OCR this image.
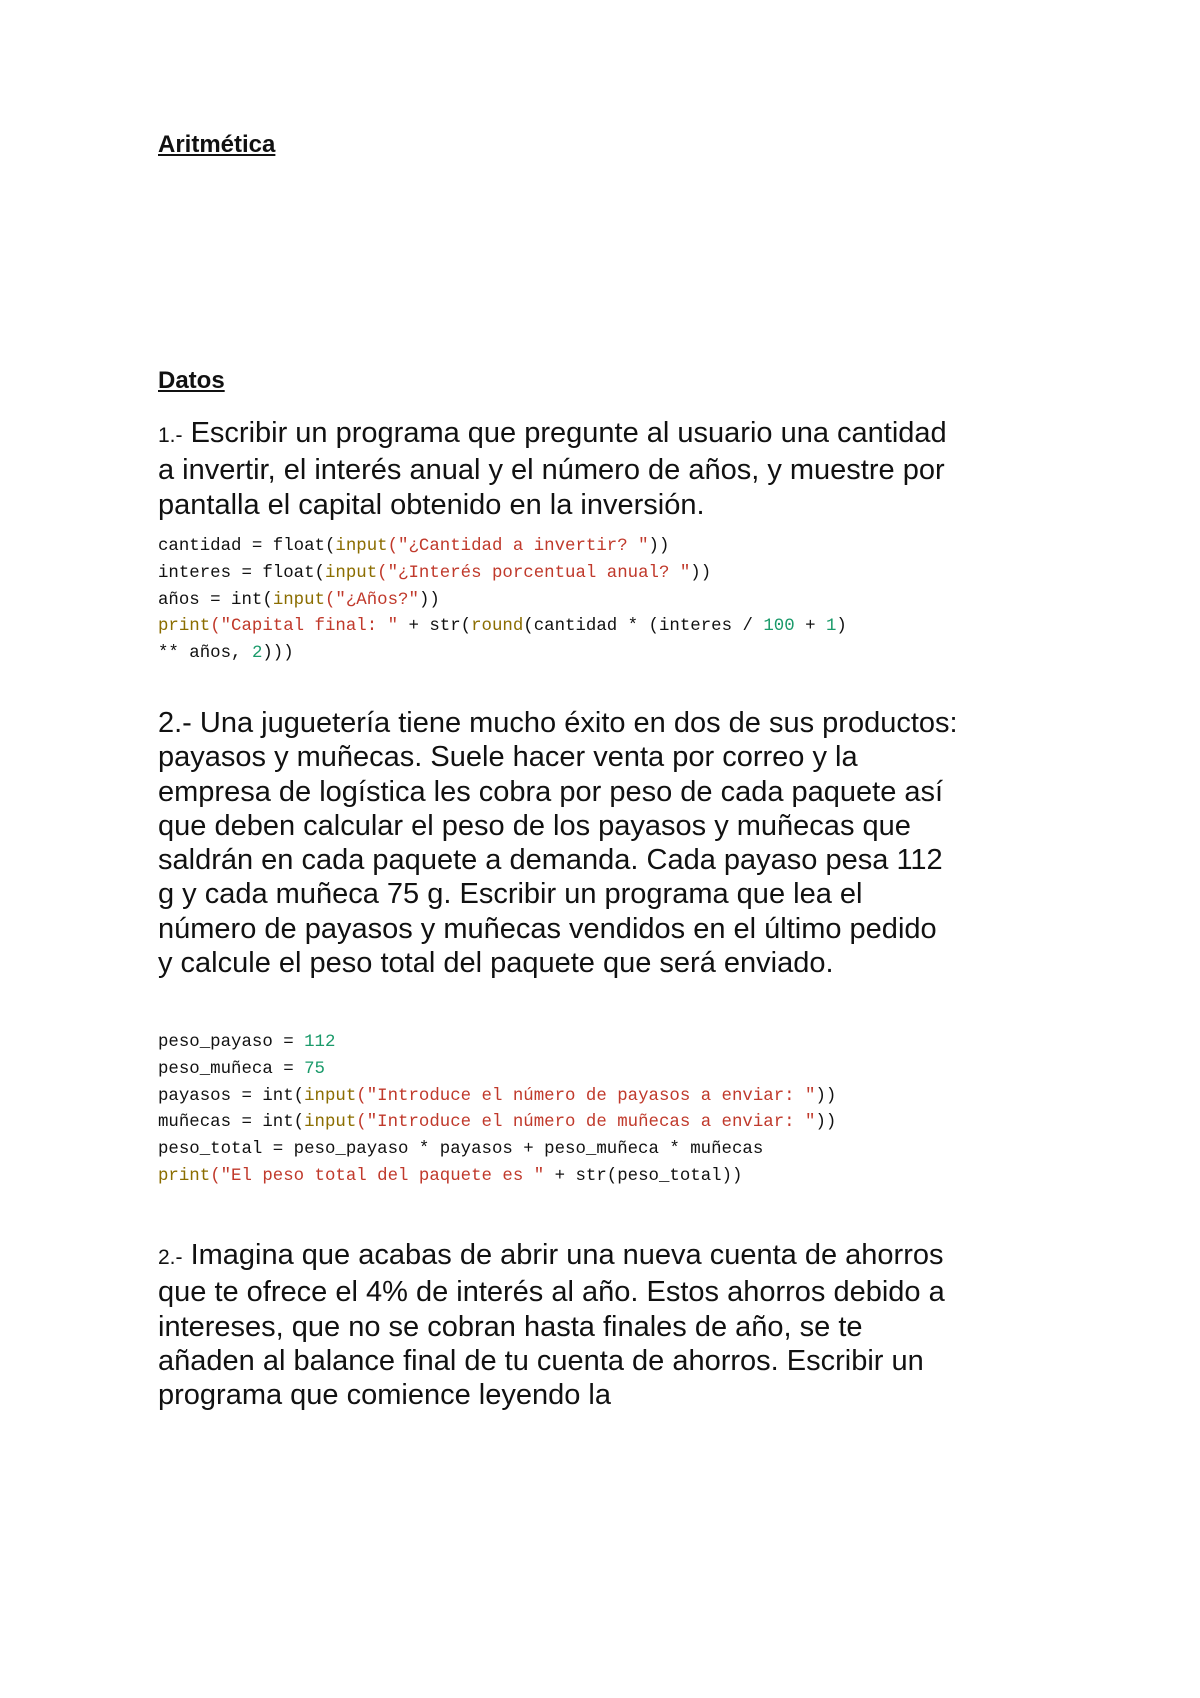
Aritmética
Datos

1.- Escribir un programa que pregunte al usuario una cantidad a invertir, el interés anual y el número de años, y muestre por pantalla el capital obtenido en la inversión.

cantidad = float(input("¿Cantidad a invertir? "))
interes = float(input("¿Interés porcentual anual? "))
años = int(input("¿Años?"))
print("Capital final: " + str(round(cantidad * (interes / 100 + 1)
** años, 2)))

2.- Una juguetería tiene mucho éxito en dos de sus productos: payasos y muñecas. Suele hacer venta por correo y la empresa de logística les cobra por peso de cada paquete así que deben calcular el peso de los payasos y muñecas que saldrán en cada paquete a demanda. Cada payaso pesa 112 g y cada muñeca 75 g. Escribir un programa que lea el número de payasos y muñecas vendidos en el último pedido y calcule el peso total del paquete que será enviado.

peso_payaso = 112
peso_muñeca = 75
payasos = int(input("Introduce el número de payasos a enviar: "))
muñecas = int(input("Introduce el número de muñecas a enviar: "))
peso_total = peso_payaso * payasos + peso_muñeca * muñecas
print("El peso total del paquete es " + str(peso_total))

2.- Imagina que acabas de abrir una nueva cuenta de ahorros que te ofrece el 4% de interés al año. Estos ahorros debido a intereses, que no se cobran hasta finales de año, se te añaden al balance final de tu cuenta de ahorros. Escribir un programa que comience leyendo la
